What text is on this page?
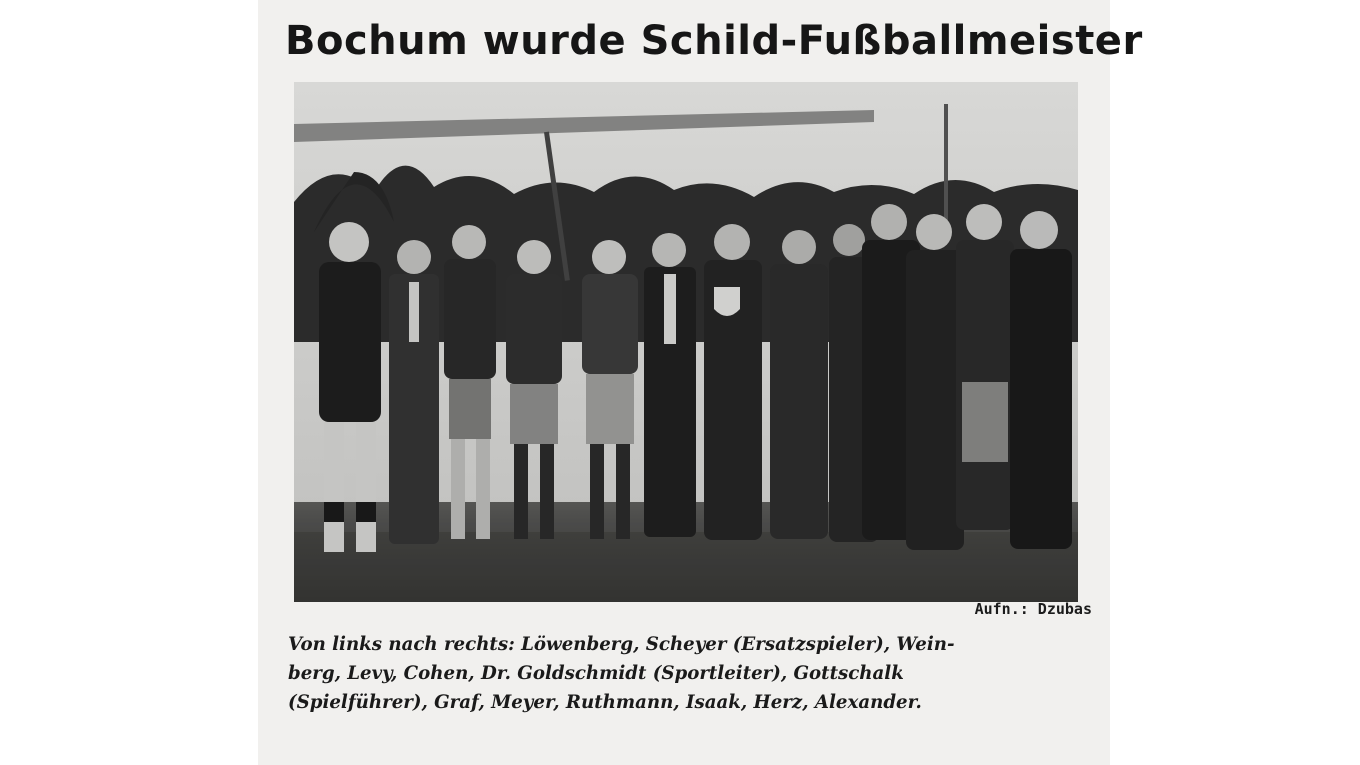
Bochum wurde Schild-Fußballmeister
Aufn.: Dzubas
Von links nach rechts: Löwenberg, Scheyer (Ersatzspieler), Wein-
berg, Levy, Cohen, Dr. Goldschmidt (Sportleiter), Gottschalk
(Spielführer), Graf, Meyer, Ruthmann, Isaak, Herz, Alexander.
